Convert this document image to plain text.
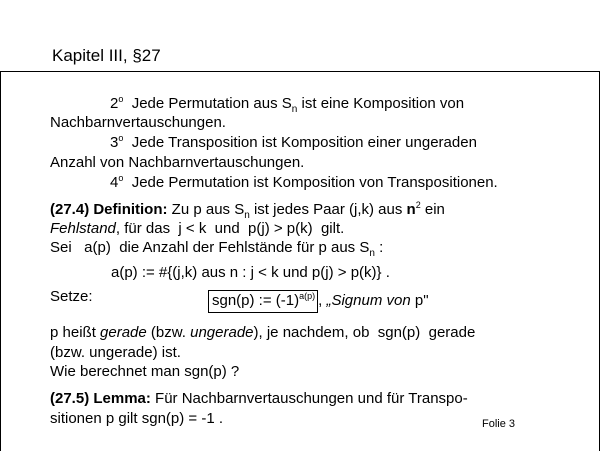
Kapitel III, §27
2$^o$  Jede Permutation aus $S_n$ ist eine Komposition von
Nachbarnvertauschungen.
3$^o$  Jede Transposition ist Komposition einer ungeraden
Anzahl von Nachbarnvertauschungen.
4$^o$  Jede Permutation ist Komposition von Transpositionen.
(27.4) Definition: Zu p aus $S_n$ ist jedes Paar (j,k) aus $n^2$ ein
Fehlstand, für das  j < k  und  p(j) > p(k)  gilt.
Sei   a(p)  die Anzahl der Fehlstände für p aus $S_n$ :
a(p) := #{(j,k) aus n : j < k und p(j) > p(k)} .
Setze:	sgn(p) := $(-1)^{a(p)}$ , „Signum von p"
p heißt gerade (bzw. ungerade), je nachdem, ob  sgn(p)  gerade
(bzw. ungerade) ist.
Wie berechnet man sgn(p) ?
(27.5) Lemma: Für Nachbarnvertauschungen und für Transpo-
sitionen p gilt sgn(p) = -1 .	Folie 3
